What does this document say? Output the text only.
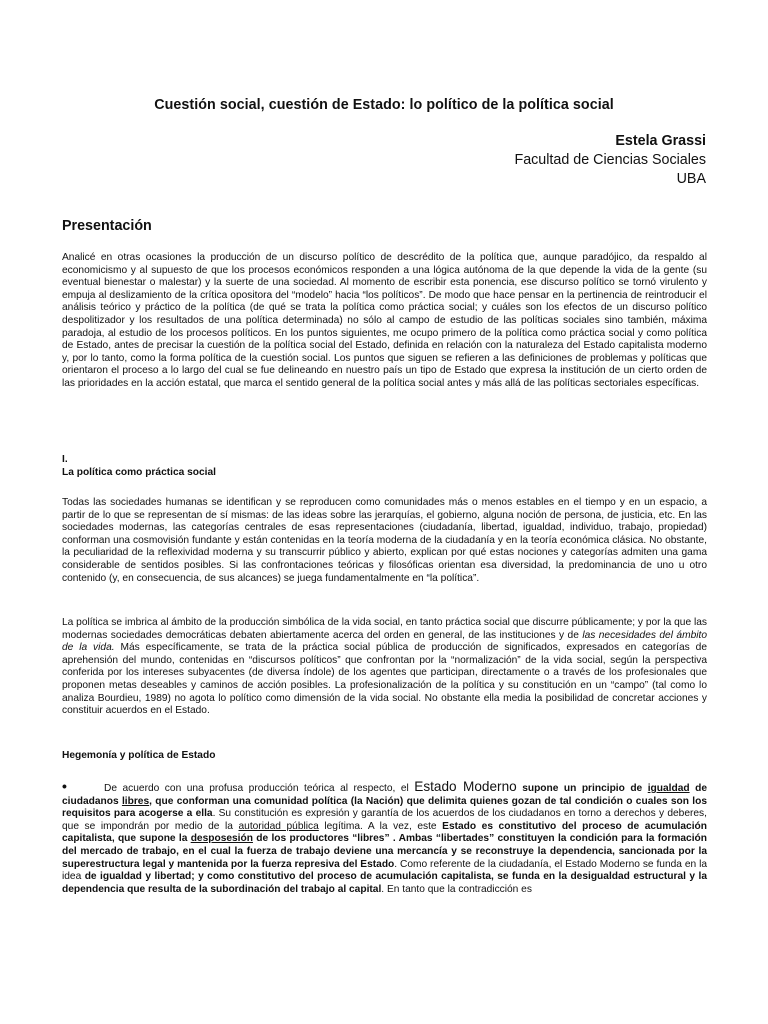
Cuestión social, cuestión de Estado: lo político de la política social
Estela Grassi
Facultad de Ciencias Sociales
UBA
Presentación

Analicé en otras ocasiones la producción de un discurso político de descrédito de la política que, aunque paradójico, da respaldo al economicismo y al supuesto de que los procesos económicos responden a una lógica autónoma de la que depende la vida de la gente (su eventual bienestar o malestar) y la suerte de una sociedad. Al momento de escribir esta ponencia, ese discurso político se tornó virulento y empuja al deslizamiento de la crítica opositora del “modelo” hacia “los políticos”. De modo que hace pensar en la pertinencia de reintroducir el análisis teórico y práctico de la política (de qué se trata la política como práctica social; y cuáles son los efectos de un discurso político despolitizador y los resultados de una política determinada) no sólo al campo de estudio de las políticas sociales sino también, máxima paradoja, al estudio de los procesos políticos. En los puntos siguientes, me ocupo primero de la política como práctica social y como política de Estado, antes de precisar la cuestión de la política social del Estado, definida en relación con la naturaleza del Estado capitalista moderno y, por lo tanto, como la forma política de la cuestión social. Los puntos que siguen se refieren a las definiciones de problemas y políticas que orientaron el proceso a lo largo del cual se fue delineando en nuestro país un tipo de Estado que expresa la institución de un cierto orden de las prioridades en la acción estatal, que marca el sentido general de la política social antes y más allá de las políticas sectoriales específicas.

I.
La política como práctica social

Todas las sociedades humanas se identifican y se reproducen como comunidades más o menos estables en el tiempo y en un espacio, a partir de lo que se representan de sí mismas: de las ideas sobre las jerarquías, el gobierno, alguna noción de persona, de justicia, etc. En las sociedades modernas, las categorías centrales de esas representaciones (ciudadanía, libertad, igualdad, individuo, trabajo, propiedad) conforman una cosmovisión fundante y están contenidas en la teoría moderna de la ciudadanía y en la teoría económica clásica. No obstante, la peculiaridad de la reflexividad moderna y su transcurrir público y abierto, explican por qué estas nociones y categorías admiten una gama considerable de sentidos posibles. Si las confrontaciones teóricas y filosóficas orientan esa diversidad, la predominancia de uno u otro contenido (y, en consecuencia, de sus alcances) se juega fundamentalmente en “la política”.

La política se imbrica al ámbito de la producción simbólica de la vida social, en tanto práctica social que discurre públicamente; y por la que las modernas sociedades democráticas debaten abiertamente acerca del orden en general, de las instituciones y de las necesidades del ámbito de la vida. Más específicamente, se trata de la práctica social pública de producción de significados, expresados en categorías de aprehensión del mundo, contenidas en “discursos políticos” que confrontan por la “normalización” de la vida social, según la perspectiva conferida por los intereses subyacentes (de diversa índole) de los agentes que participan, directamente o a través de los profesionales que proponen metas deseables y caminos de acción posibles. La profesionalización de la política y su constitución en un “campo” (tal como lo analiza Bourdieu, 1989) no agota lo político como dimensión de la vida social. No obstante ella media la posibilidad de concretar acciones y constituir acuerdos en el Estado.

Hegemonía y política de Estado

•	De acuerdo con una profusa producción teórica al respecto, el Estado Moderno supone un principio de igualdad de ciudadanos libres, que conforman una comunidad política (la Nación) que delimita quienes gozan de tal condición o cuales son los requisitos para acogerse a ella. Su constitución es expresión y garantía de los acuerdos de los ciudadanos en torno a derechos y deberes, que se impondrán por medio de la autoridad pública legítima. A la vez, este Estado es constitutivo del proceso de acumulación capitalista, que supone la desposesión de los productores “libres” . Ambas “libertades” constituyen la condición para la formación del mercado de trabajo, en el cual la fuerza de trabajo deviene una mercancía y se reconstruye la dependencia, sancionada por la superestructura legal y mantenida por la fuerza represiva del Estado. Como referente de la ciudadanía, el Estado Moderno se funda en la idea de igualdad y libertad; y como constitutivo del proceso de acumulación capitalista, se funda en la desigualdad estructural y la dependencia que resulta de la subordinación del trabajo al capital. En tanto que la contradicción es
